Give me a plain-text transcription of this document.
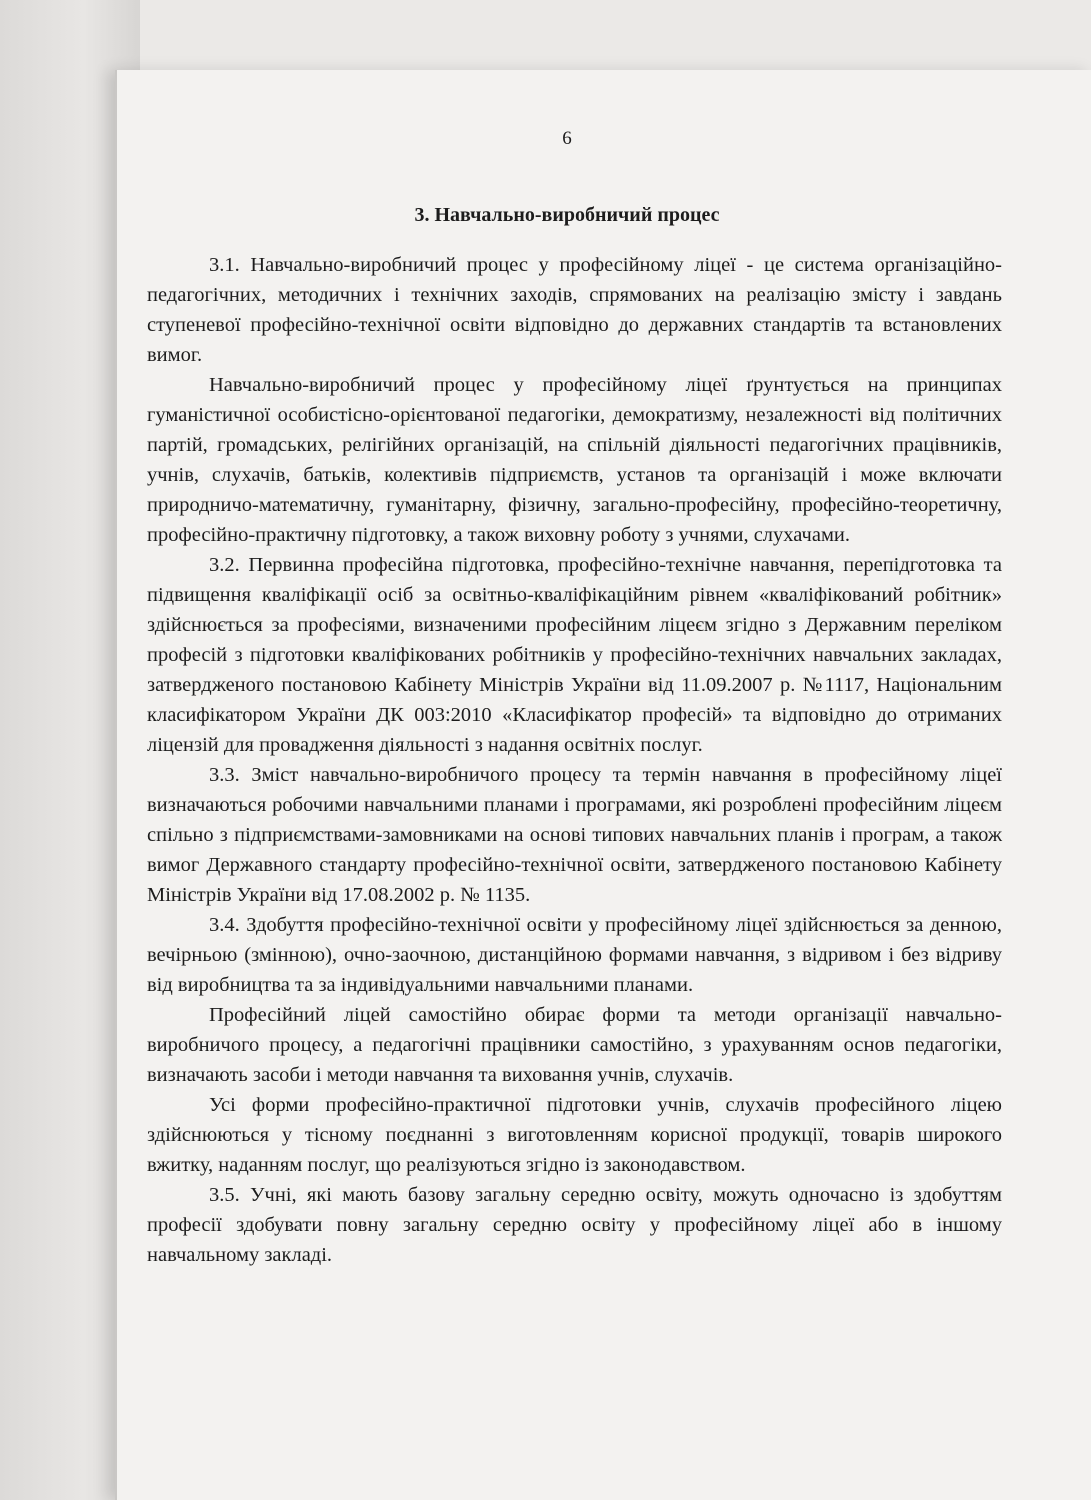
6
3. Навчально-виробничий процес

3.1. Навчально-виробничий процес у професійному ліцеї - це система організаційно-педагогічних, методичних і технічних заходів, спрямованих на реалізацію змісту і завдань ступеневої професійно-технічної освіти відповідно до державних стандартів та встановлених вимог.

Навчально-виробничий процес у професійному ліцеї ґрунтується на принципах гуманістичної особистісно-орієнтованої педагогіки, демократизму, незалежності від політичних партій, громадських, релігійних організацій, на спільній діяльності педагогічних працівників, учнів, слухачів, батьків, колективів підприємств, установ та організацій і може включати природничо-математичну, гуманітарну, фізичну, загально-професійну, професійно-теоретичну, професійно-практичну підготовку, а також виховну роботу з учнями, слухачами.

3.2. Первинна професійна підготовка, професійно-технічне навчання, перепідготовка та підвищення кваліфікації осіб за освітньо-кваліфікаційним рівнем «кваліфікований робітник» здійснюється за професіями, визначеними професійним ліцеєм згідно з Державним переліком професій з підготовки кваліфікованих робітників у професійно-технічних навчальних закладах, затвердженого постановою Кабінету Міністрів України від 11.09.2007 р. №1117, Національним класифікатором України ДК 003:2010 «Класифікатор професій» та відповідно до отриманих ліцензій для провадження діяльності з надання освітніх послуг.

3.3. Зміст навчально-виробничого процесу та термін навчання в професійному ліцеї визначаються робочими навчальними планами і програмами, які розроблені професійним ліцеєм спільно з підприємствами-замовниками на основі типових навчальних планів і програм, а також вимог Державного стандарту професійно-технічної освіти, затвердженого постановою Кабінету Міністрів України від 17.08.2002 р. № 1135.

3.4. Здобуття професійно-технічної освіти у професійному ліцеї здійснюється за денною, вечірньою (змінною), очно-заочною, дистанційною формами навчання, з відривом і без відриву від виробництва та за індивідуальними навчальними планами.

Професійний ліцей самостійно обирає форми та методи організації навчально-виробничого процесу, а педагогічні працівники самостійно, з урахуванням основ педагогіки, визначають засоби і методи навчання та виховання учнів, слухачів.

Усі форми професійно-практичної підготовки учнів, слухачів професійного ліцею здійснюються у тісному поєднанні з виготовленням корисної продукції, товарів широкого вжитку, наданням послуг, що реалізуються згідно із законодавством.

3.5. Учні, які мають базову загальну середню освіту, можуть одночасно із здобуттям професії здобувати повну загальну середню освіту у професійному ліцеї або в іншому навчальному закладі.
